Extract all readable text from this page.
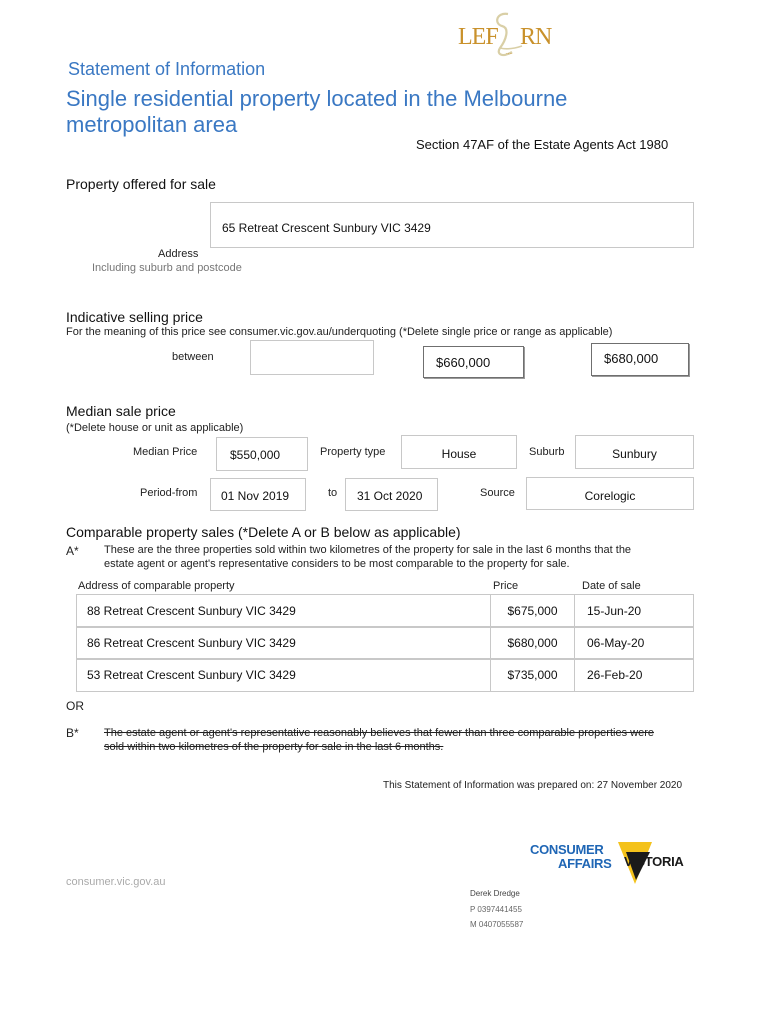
LEF RN
....
Statement of Information
Single residential property located in the Melbourne
metropolitan area
Section 47AF of the Estate Agents Act 1980
Property offered for sale
65 Retreat Crescent Sunbury VIC 3429
Address
Including suburb and postcode
Indicative selling price
For the meaning of this price see consumer.vic.gov.au/underquoting (*Delete single price or range as applicable)
between	$660,000	$680,000
Median sale price
(*Delete house or unit as applicable)
Median Price	$550,000	Property type	House	Suburb	Sunbury
Period-from 01 Nov 2019	to 31 Oct 2020	Source	Corelogic
Comparable property sales (*Delete A or B below as applicable)
A* These are the three properties sold within two kilometres of the property for sale in the last 6 months that the
estate agent or agent's representative considers to be most comparable to the property for sale.
Address of comparable property	Price	Date of sale
88 Retreat Crescent Sunbury VIC 3429	$675,000	15-Jun-20
86 Retreat Crescent Sunbury VIC 3429	$680,000	06-May-20
53 Retreat Crescent Sunbury VIC 3429	$735,000	26-Feb-20
OR
B* The estate agent or agent's representative reasonably believes that fewer than three comparable properties were
sold within two kilometres of the property for sale in the last 6 months.
This Statement of Information was prepared on: 27 November 2020
CONSUMER
AFFAIRS VICTORIA
consumer.vic.gov.au
Derek Dredge
P 0397441455
M 0407055587
